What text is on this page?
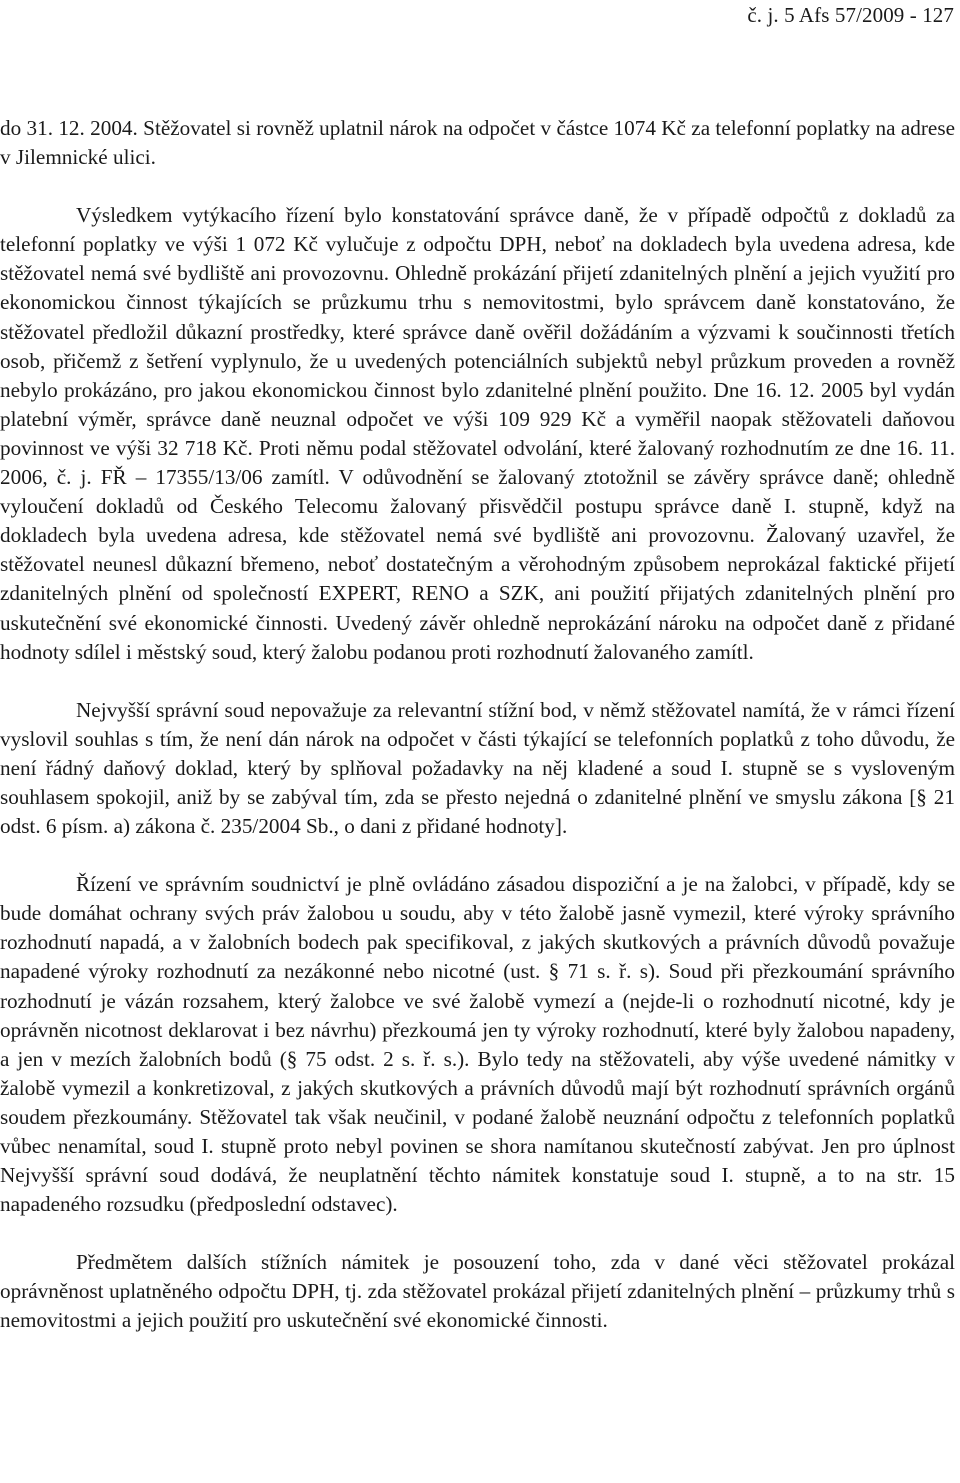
č. j. 5 Afs 57/2009 - 127

do 31. 12. 2004. Stěžovatel si rovněž uplatnil nárok na odpočet v částce 1074 Kč za telefonní poplatky na adrese v Jilemnické ulici.

Výsledkem vytýkacího řízení bylo konstatování správce daně, že v případě odpočtů z dokladů za telefonní poplatky ve výši 1 072 Kč vylučuje z odpočtu DPH, neboť na dokladech byla uvedena adresa, kde stěžovatel nemá své bydliště ani provozovnu. Ohledně prokázání přijetí zdanitelných plnění a jejich využití pro ekonomickou činnost týkajících se průzkumu trhu s nemovitostmi, bylo správcem daně konstatováno, že stěžovatel předložil důkazní prostředky, které správce daně ověřil dožádáním a výzvami k součinnosti třetích osob, přičemž z šetření vyplynulo, že u uvedených potenciálních subjektů nebyl průzkum proveden a rovněž nebylo prokázáno, pro jakou ekonomickou činnost bylo zdanitelné plnění použito. Dne 16. 12. 2005 byl vydán platební výměr, správce daně neuznal odpočet ve výši 109 929 Kč a vyměřil naopak stěžovateli daňovou povinnost ve výši 32 718 Kč. Proti němu podal stěžovatel odvolání, které žalovaný rozhodnutím ze dne 16. 11. 2006, č. j. FŘ – 17355/13/06 zamítl. V odůvodnění se žalovaný ztotožnil se závěry správce daně; ohledně vyloučení dokladů od Českého Telecomu žalovaný přisvědčil postupu správce daně I. stupně, když na dokladech byla uvedena adresa, kde stěžovatel nemá své bydliště ani provozovnu. Žalovaný uzavřel, že stěžovatel neunesl důkazní břemeno, neboť dostatečným a věrohodným způsobem neprokázal faktické přijetí zdanitelných plnění od společností EXPERT, RENO a SZK, ani použití přijatých zdanitelných plnění pro uskutečnění své ekonomické činnosti. Uvedený závěr ohledně neprokázání nároku na odpočet daně z přidané hodnoty sdílel i městský soud, který žalobu podanou proti rozhodnutí žalovaného zamítl.

Nejvyšší správní soud nepovažuje za relevantní stížní bod, v němž stěžovatel namítá, že v rámci řízení vyslovil souhlas s tím, že není dán nárok na odpočet v části týkající se telefonních poplatků z toho důvodu, že není řádný daňový doklad, který by splňoval požadavky na něj kladené a soud I. stupně se s vysloveným souhlasem spokojil, aniž by se zabýval tím, zda se přesto nejedná o zdanitelné plnění ve smyslu zákona [§ 21 odst. 6 písm. a) zákona č. 235/2004 Sb., o dani z přidané hodnoty].

Řízení ve správním soudnictví je plně ovládáno zásadou dispoziční a je na žalobci, v případě, kdy se bude domáhat ochrany svých práv žalobou u soudu, aby v této žalobě jasně vymezil, které výroky správního rozhodnutí napadá, a v žalobních bodech pak specifikoval, z jakých skutkových a právních důvodů považuje napadené výroky rozhodnutí za nezákonné nebo nicotné (ust. § 71 s. ř. s). Soud při přezkoumání správního rozhodnutí je vázán rozsahem, který žalobce ve své žalobě vymezí a (nejde-li o rozhodnutí nicotné, kdy je oprávněn nicotnost deklarovat i bez návrhu) přezkoumá jen ty výroky rozhodnutí, které byly žalobou napadeny, a jen v mezích žalobních bodů (§ 75 odst. 2 s. ř. s.). Bylo tedy na stěžovateli, aby výše uvedené námitky v žalobě vymezil a konkretizoval, z jakých skutkových a právních důvodů mají být rozhodnutí správních orgánů soudem přezkoumány. Stěžovatel tak však neučinil, v podané žalobě neuznání odpočtu z telefonních poplatků vůbec nenamítal, soud I. stupně proto nebyl povinen se shora namítanou skutečností zabývat. Jen pro úplnost Nejvyšší správní soud dodává, že neuplatnění těchto námitek konstatuje soud I. stupně, a to na str. 15 napadeného rozsudku (předposlední odstavec).

Předmětem dalších stížních námitek je posouzení toho, zda v dané věci stěžovatel prokázal oprávněnost uplatněného odpočtu DPH, tj. zda stěžovatel prokázal přijetí zdanitelných plnění – průzkumy trhů s nemovitostmi a jejich použití pro uskutečnění své ekonomické činnosti.
